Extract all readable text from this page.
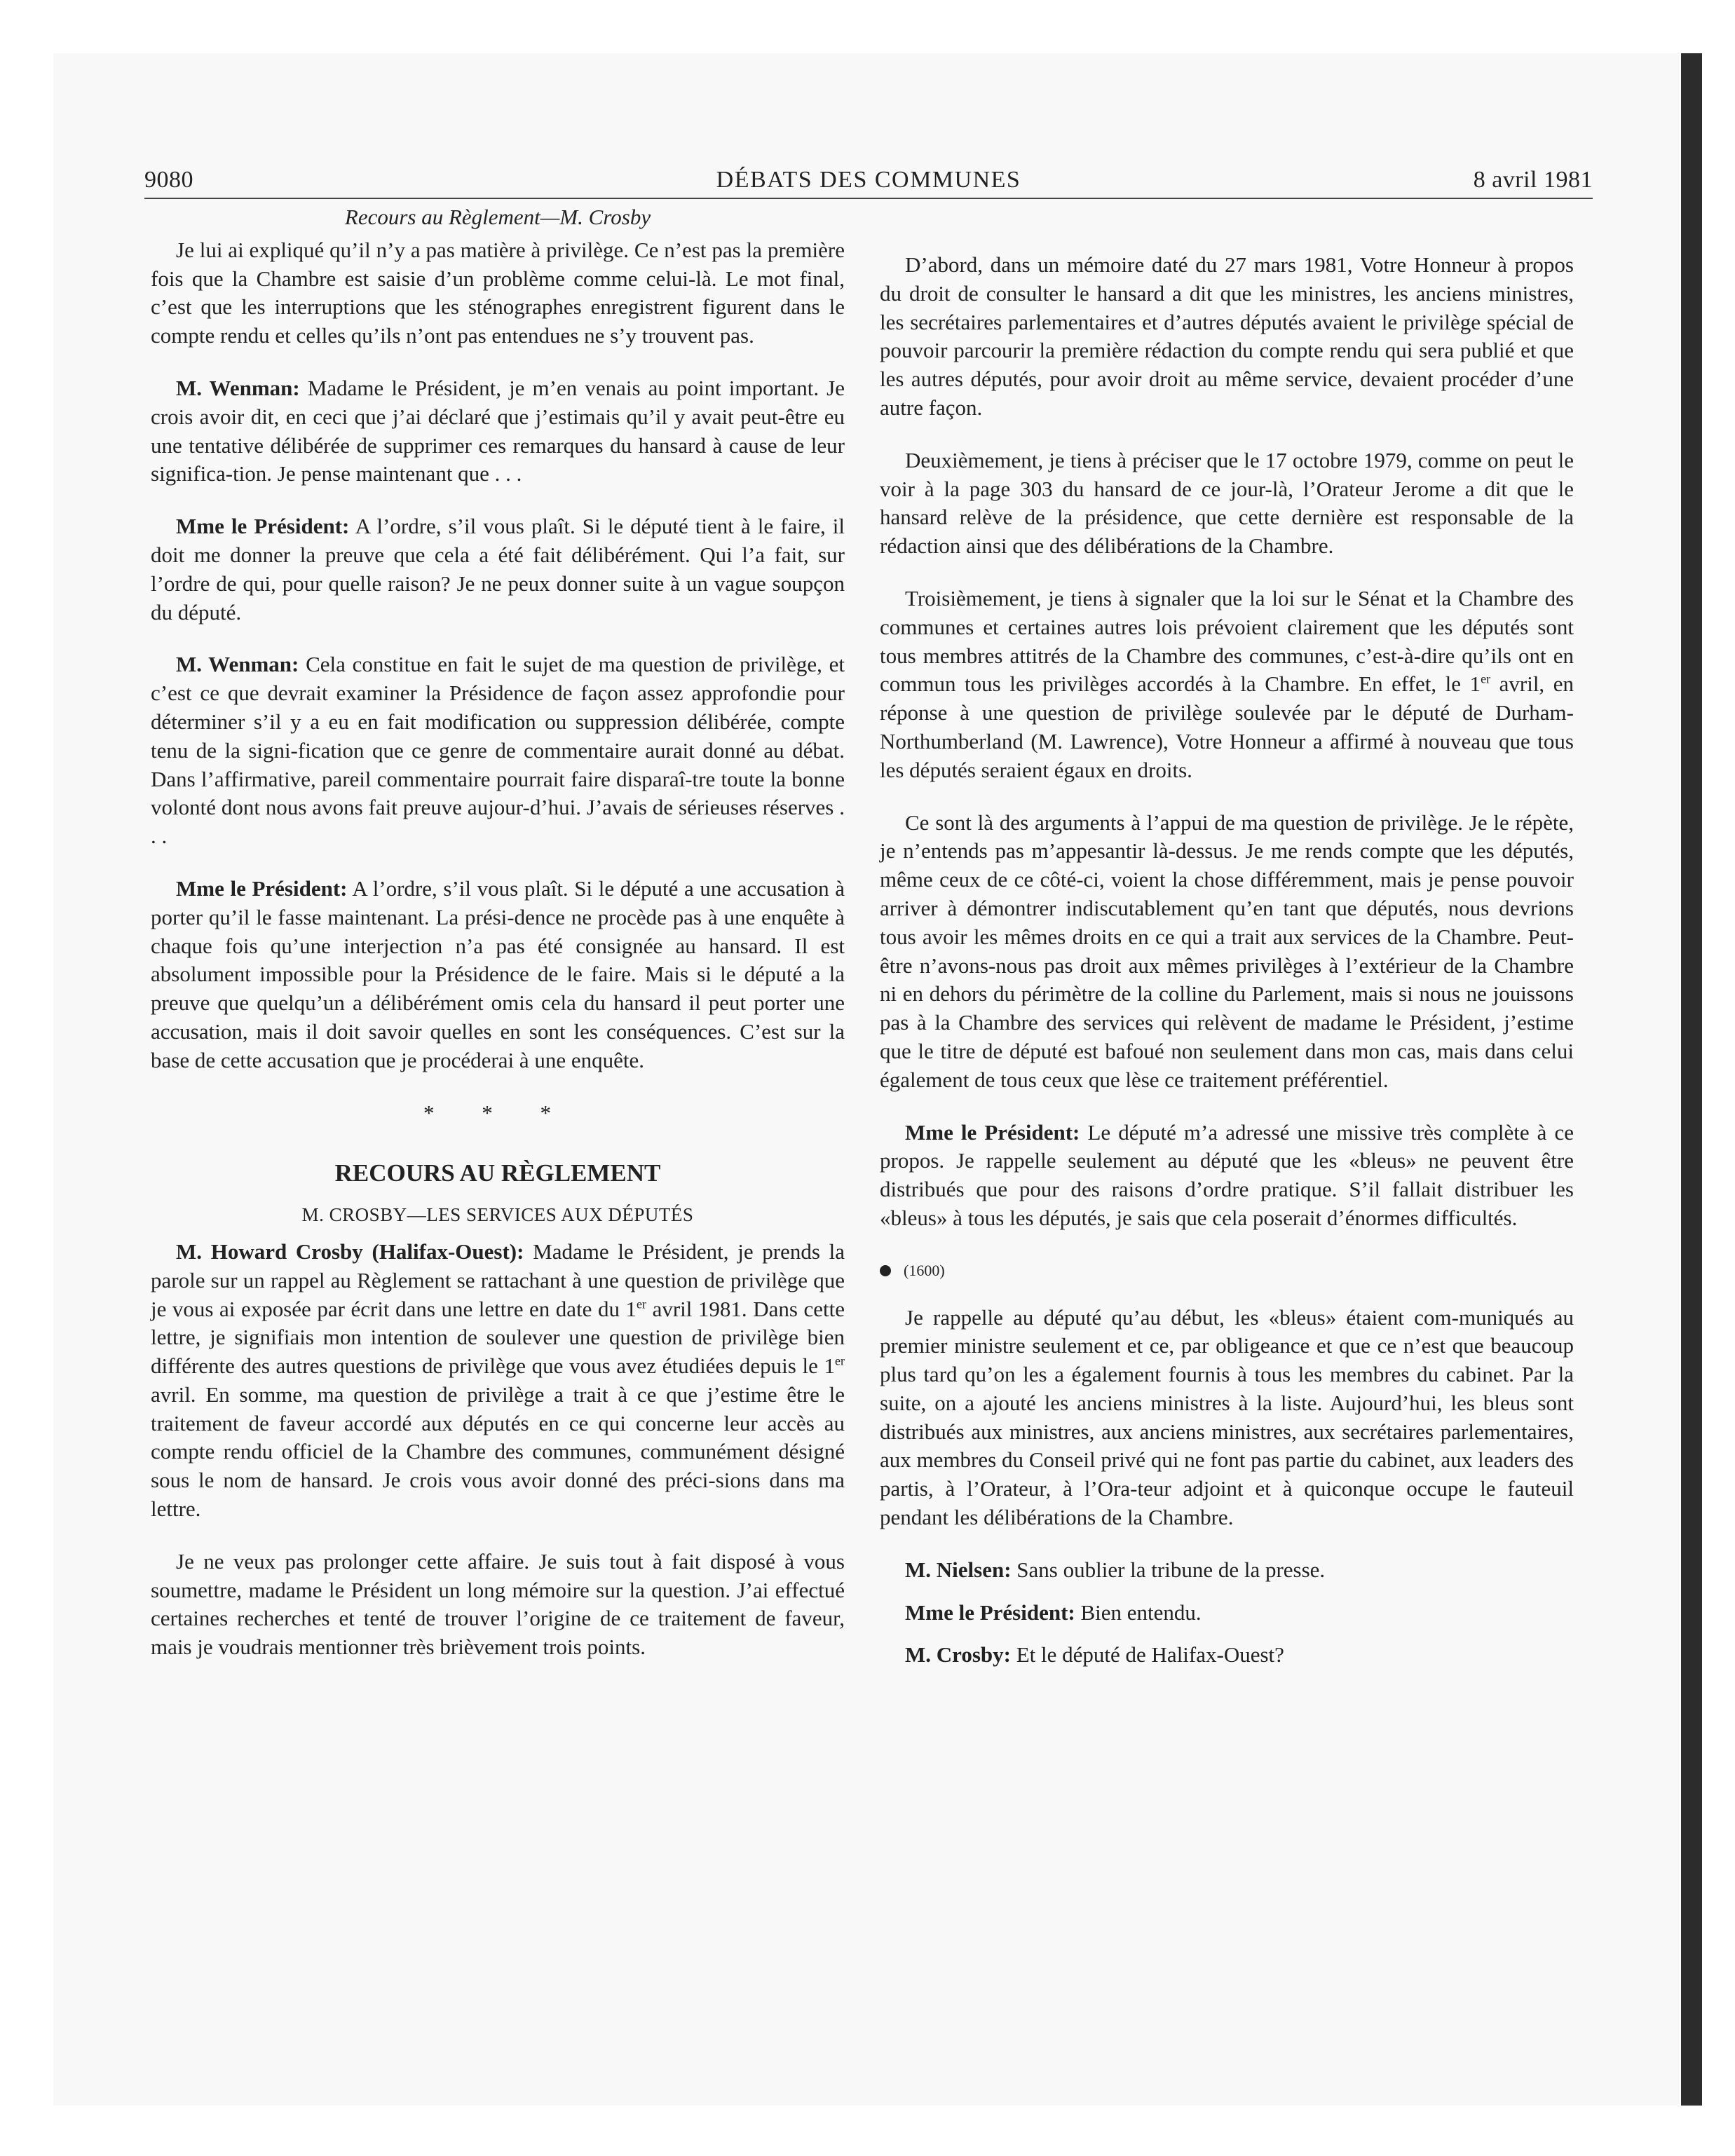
9080	DÉBATS DES COMMUNES	8 avril 1981
Recours au Règlement—M. Crosby

Je lui ai expliqué qu’il n’y a pas matière à privilège. Ce n’est pas la première fois que la Chambre est saisie d’un problème comme celui-là. Le mot final, c’est que les interruptions que les sténographes enregistrent figurent dans le compte rendu et celles qu’ils n’ont pas entendues ne s’y trouvent pas.

M. Wenman: Madame le Président, je m’en venais au point important. Je crois avoir dit, en ceci que j’ai déclaré que j’estimais qu’il y avait peut-être eu une tentative délibérée de supprimer ces remarques du hansard à cause de leur significa-tion. Je pense maintenant que . . .

Mme le Président: A l’ordre, s’il vous plaît. Si le député tient à le faire, il doit me donner la preuve que cela a été fait délibérément. Qui l’a fait, sur l’ordre de qui, pour quelle raison? Je ne peux donner suite à un vague soupçon du député.

M. Wenman: Cela constitue en fait le sujet de ma question de privilège, et c’est ce que devrait examiner la Présidence de façon assez approfondie pour déterminer s’il y a eu en fait modification ou suppression délibérée, compte tenu de la signi-fication que ce genre de commentaire aurait donné au débat. Dans l’affirmative, pareil commentaire pourrait faire disparaî-tre toute la bonne volonté dont nous avons fait preuve aujour-d’hui. J’avais de sérieuses réserves . . .

Mme le Président: A l’ordre, s’il vous plaît. Si le député a une accusation à porter qu’il le fasse maintenant. La prési-dence ne procède pas à une enquête à chaque fois qu’une interjection n’a pas été consignée au hansard. Il est absolument impossible pour la Présidence de le faire. Mais si le député a la preuve que quelqu’un a délibérément omis cela du hansard il peut porter une accusation, mais il doit savoir quelles en sont les conséquences. C’est sur la base de cette accusation que je procéderai à une enquête.

* * *
RECOURS AU RÈGLEMENT
M. CROSBY—LES SERVICES AUX DÉPUTÉS

M. Howard Crosby (Halifax-Ouest): Madame le Président, je prends la parole sur un rappel au Règlement se rattachant à une question de privilège que je vous ai exposée par écrit dans une lettre en date du 1er avril 1981. Dans cette lettre, je signifiais mon intention de soulever une question de privilège bien différente des autres questions de privilège que vous avez étudiées depuis le 1er avril. En somme, ma question de privilège a trait à ce que j’estime être le traitement de faveur accordé aux députés en ce qui concerne leur accès au compte rendu officiel de la Chambre des communes, communément désigné sous le nom de hansard. Je crois vous avoir donné des préci-sions dans ma lettre.

Je ne veux pas prolonger cette affaire. Je suis tout à fait disposé à vous soumettre, madame le Président un long mémoire sur la question. J’ai effectué certaines recherches et tenté de trouver l’origine de ce traitement de faveur, mais je voudrais mentionner très brièvement trois points.

D’abord, dans un mémoire daté du 27 mars 1981, Votre Honneur à propos du droit de consulter le hansard a dit que les ministres, les anciens ministres, les secrétaires parlementaires et d’autres députés avaient le privilège spécial de pouvoir parcourir la première rédaction du compte rendu qui sera publié et que les autres députés, pour avoir droit au même service, devaient procéder d’une autre façon.

Deuxièmement, je tiens à préciser que le 17 octobre 1979, comme on peut le voir à la page 303 du hansard de ce jour-là, l’Orateur Jerome a dit que le hansard relève de la présidence, que cette dernière est responsable de la rédaction ainsi que des délibérations de la Chambre.

Troisièmement, je tiens à signaler que la loi sur le Sénat et la Chambre des communes et certaines autres lois prévoient clairement que les députés sont tous membres attitrés de la Chambre des communes, c’est-à-dire qu’ils ont en commun tous les privilèges accordés à la Chambre. En effet, le 1er avril, en réponse à une question de privilège soulevée par le député de Durham-Northumberland (M. Lawrence), Votre Honneur a affirmé à nouveau que tous les députés seraient égaux en droits.

Ce sont là des arguments à l’appui de ma question de privilège. Je le répète, je n’entends pas m’appesantir là-dessus. Je me rends compte que les députés, même ceux de ce côté-ci, voient la chose différemment, mais je pense pouvoir arriver à démontrer indiscutablement qu’en tant que députés, nous devrions tous avoir les mêmes droits en ce qui a trait aux services de la Chambre. Peut-être n’avons-nous pas droit aux mêmes privilèges à l’extérieur de la Chambre ni en dehors du périmètre de la colline du Parlement, mais si nous ne jouissons pas à la Chambre des services qui relèvent de madame le Président, j’estime que le titre de député est bafoué non seulement dans mon cas, mais dans celui également de tous ceux que lèse ce traitement préférentiel.

Mme le Président: Le député m’a adressé une missive très complète à ce propos. Je rappelle seulement au député que les «bleus» ne peuvent être distribués que pour des raisons d’ordre pratique. S’il fallait distribuer les «bleus» à tous les députés, je sais que cela poserait d’énormes difficultés.

(1600)

Je rappelle au député qu’au début, les «bleus» étaient com-muniqués au premier ministre seulement et ce, par obligeance et que ce n’est que beaucoup plus tard qu’on les a également fournis à tous les membres du cabinet. Par la suite, on a ajouté les anciens ministres à la liste. Aujourd’hui, les bleus sont distribués aux ministres, aux anciens ministres, aux secrétaires parlementaires, aux membres du Conseil privé qui ne font pas partie du cabinet, aux leaders des partis, à l’Orateur, à l’Ora-teur adjoint et à quiconque occupe le fauteuil pendant les délibérations de la Chambre.

M. Nielsen: Sans oublier la tribune de la presse.

Mme le Président: Bien entendu.

M. Crosby: Et le député de Halifax-Ouest?
